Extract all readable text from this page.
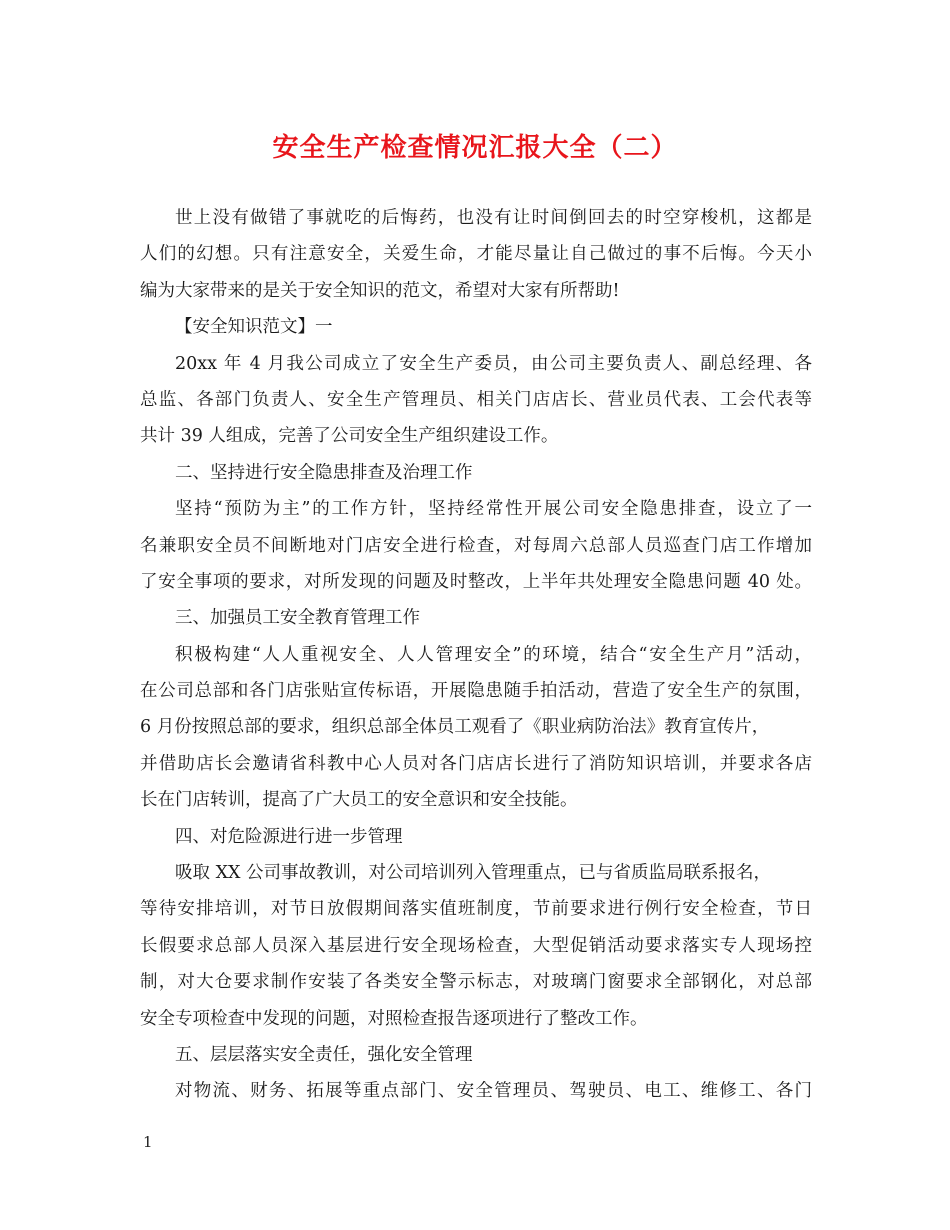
安全生产检查情况汇报大全（二）
世上没有做错了事就吃的后悔药，也没有让时间倒回去的时空穿梭机，这都是
人们的幻想。只有注意安全，关爱生命，才能尽量让自己做过的事不后悔。今天小
编为大家带来的是关于安全知识的范文，希望对大家有所帮助!
【安全知识范文】一
20xx 年 4 月我公司成立了安全生产委员，由公司主要负责人、副总经理、各
总监、各部门负责人、安全生产管理员、相关门店店长、营业员代表、工会代表等
共计 39 人组成，完善了公司安全生产组织建设工作。
二、坚持进行安全隐患排查及治理工作
坚持“预防为主”的工作方针，坚持经常性开展公司安全隐患排查，设立了一
名兼职安全员不间断地对门店安全进行检查，对每周六总部人员巡查门店工作增加
了安全事项的要求，对所发现的问题及时整改，上半年共处理安全隐患问题 40 处。
三、加强员工安全教育管理工作
积极构建“人人重视安全、人人管理安全”的环境，结合“安全生产月”活动，
在公司总部和各门店张贴宣传标语，开展隐患随手拍活动，营造了安全生产的氛围，
6 月份按照总部的要求，组织总部全体员工观看了《职业病防治法》教育宣传片，
并借助店长会邀请省科教中心人员对各门店店长进行了消防知识培训，并要求各店
长在门店转训，提高了广大员工的安全意识和安全技能。
四、对危险源进行进一步管理
吸取 XX 公司事故教训，对公司培训列入管理重点，已与省质监局联系报名，
等待安排培训，对节日放假期间落实值班制度，节前要求进行例行安全检查，节日
长假要求总部人员深入基层进行安全现场检查，大型促销活动要求落实专人现场控
制，对大仓要求制作安装了各类安全警示标志，对玻璃门窗要求全部钢化，对总部
安全专项检查中发现的问题，对照检查报告逐项进行了整改工作。
五、层层落实安全责任，强化安全管理
对物流、财务、拓展等重点部门、安全管理员、驾驶员、电工、维修工、各门
1
